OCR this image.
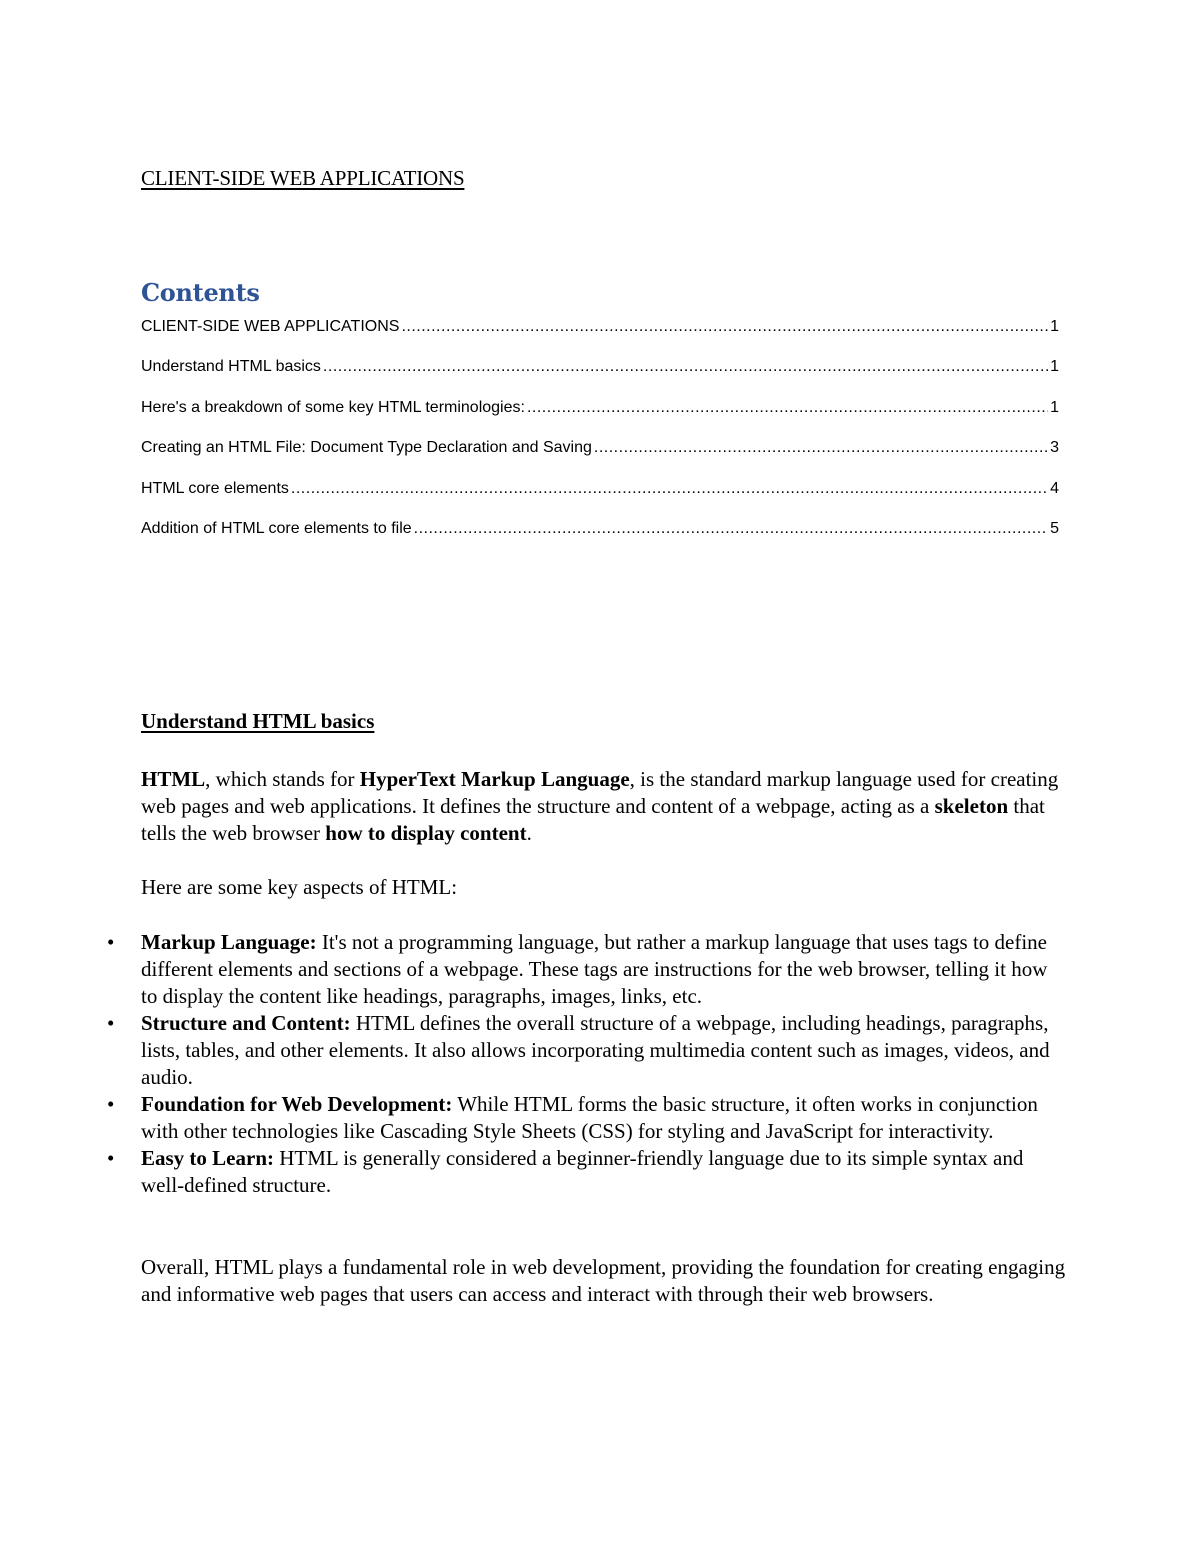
CLIENT-SIDE WEB APPLICATIONS
Contents
CLIENT-SIDE WEB APPLICATIONS .....	1
Understand HTML basics .....	1
Here's a breakdown of some key HTML terminologies: .....	1
Creating an HTML File: Document Type Declaration and Saving .....	3
HTML core elements .....	4
Addition of HTML core elements to file .....	5
Understand HTML basics

HTML, which stands for HyperText Markup Language, is the standard markup language used for creating web pages and web applications. It defines the structure and content of a webpage, acting as a skeleton that tells the web browser how to display content.

Here are some key aspects of HTML:

• Markup Language: It's not a programming language, but rather a markup language that uses tags to define different elements and sections of a webpage. These tags are instructions for the web browser, telling it how to display the content like headings, paragraphs, images, links, etc.
• Structure and Content: HTML defines the overall structure of a webpage, including headings, paragraphs, lists, tables, and other elements. It also allows incorporating multimedia content such as images, videos, and audio.
• Foundation for Web Development: While HTML forms the basic structure, it often works in conjunction with other technologies like Cascading Style Sheets (CSS) for styling and JavaScript for interactivity.
• Easy to Learn: HTML is generally considered a beginner-friendly language due to its simple syntax and well-defined structure.

Overall, HTML plays a fundamental role in web development, providing the foundation for creating engaging and informative web pages that users can access and interact with through their web browsers.
